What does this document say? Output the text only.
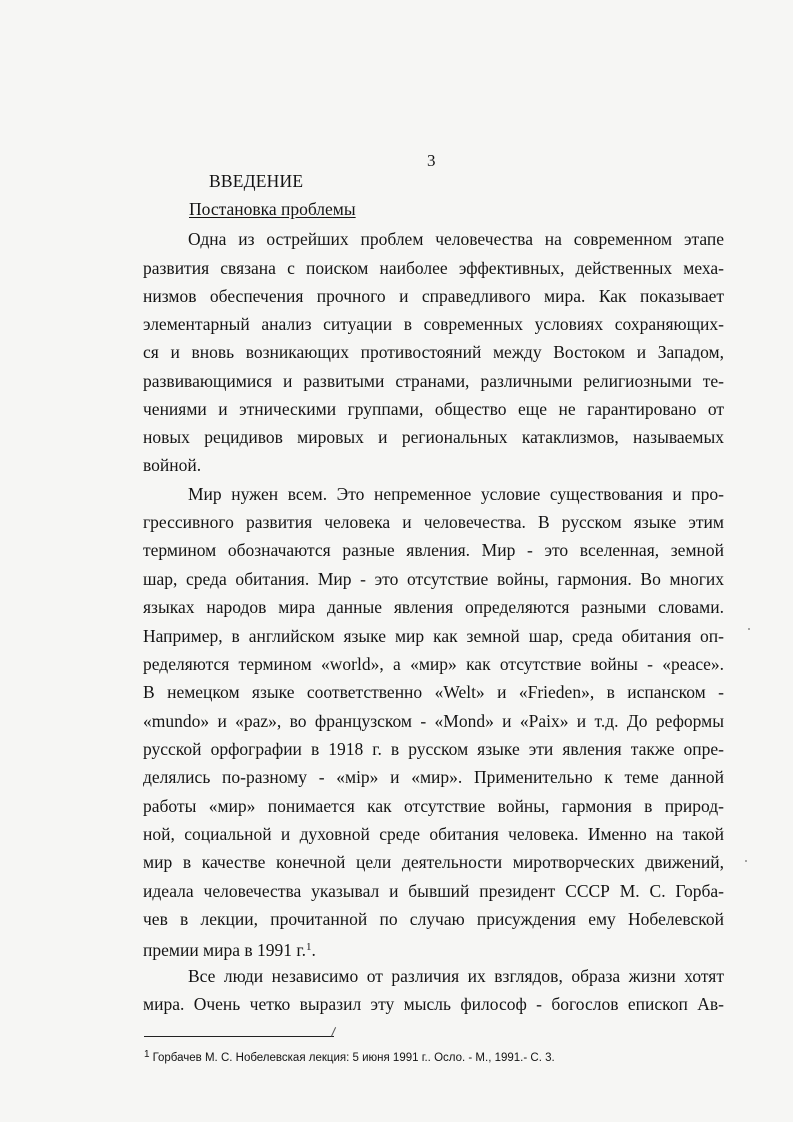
3
ВВЕДЕНИЕ
Постановка проблемы
Одна из острейших проблем человечества на современном этапе
развития связана с поиском наиболее эффективных, действенных меха-
низмов обеспечения прочного и справедливого мира. Как показывает
элементарный анализ ситуации в современных условиях сохраняющих-
ся и вновь возникающих противостояний между Востоком и Западом,
развивающимися и развитыми странами, различными религиозными те-
чениями и этническими группами, общество еще не гарантировано от
новых рецидивов мировых и региональных катаклизмов, называемых
войной.
Мир нужен всем. Это непременное условие существования и про-
грессивного развития человека и человечества. В русском языке этим
термином обозначаются разные явления. Мир - это вселенная, земной
шар, среда обитания. Мир - это отсутствие войны, гармония. Во многих
языках народов мира данные явления определяются разными словами.
Например, в английском языке мир как земной шар, среда обитания оп-
ределяются термином «world», а «мир» как отсутствие войны - «peace».
В немецком языке соответственно «Welt» и «Frieden», в испанском -
«mundo» и «paz», во французском - «Mond» и «Paix» и т.д. До реформы
русской орфографии в 1918 г. в русском языке эти явления также опре-
делялись по-разному - «мiр» и «мир». Применительно к теме данной
работы «мир» понимается как отсутствие войны, гармония в природ-
ной, социальной и духовной среде обитания человека. Именно на такой
мир в качестве конечной цели деятельности миротворческих движений,
идеала человечества указывал и бывший президент СССР М. С. Горба-
чев в лекции, прочитанной по случаю присуждения ему Нобелевской
премии мира в 1991 г.$^1$.
Все люди независимо от различия их взглядов, образа жизни хотят
мира. Очень четко выразил эту мысль философ - богослов епископ Ав-
1 Горбачев М. С. Нобелевская лекция: 5 июня 1991 г.. Осло. - М., 1991.- С. 3.
